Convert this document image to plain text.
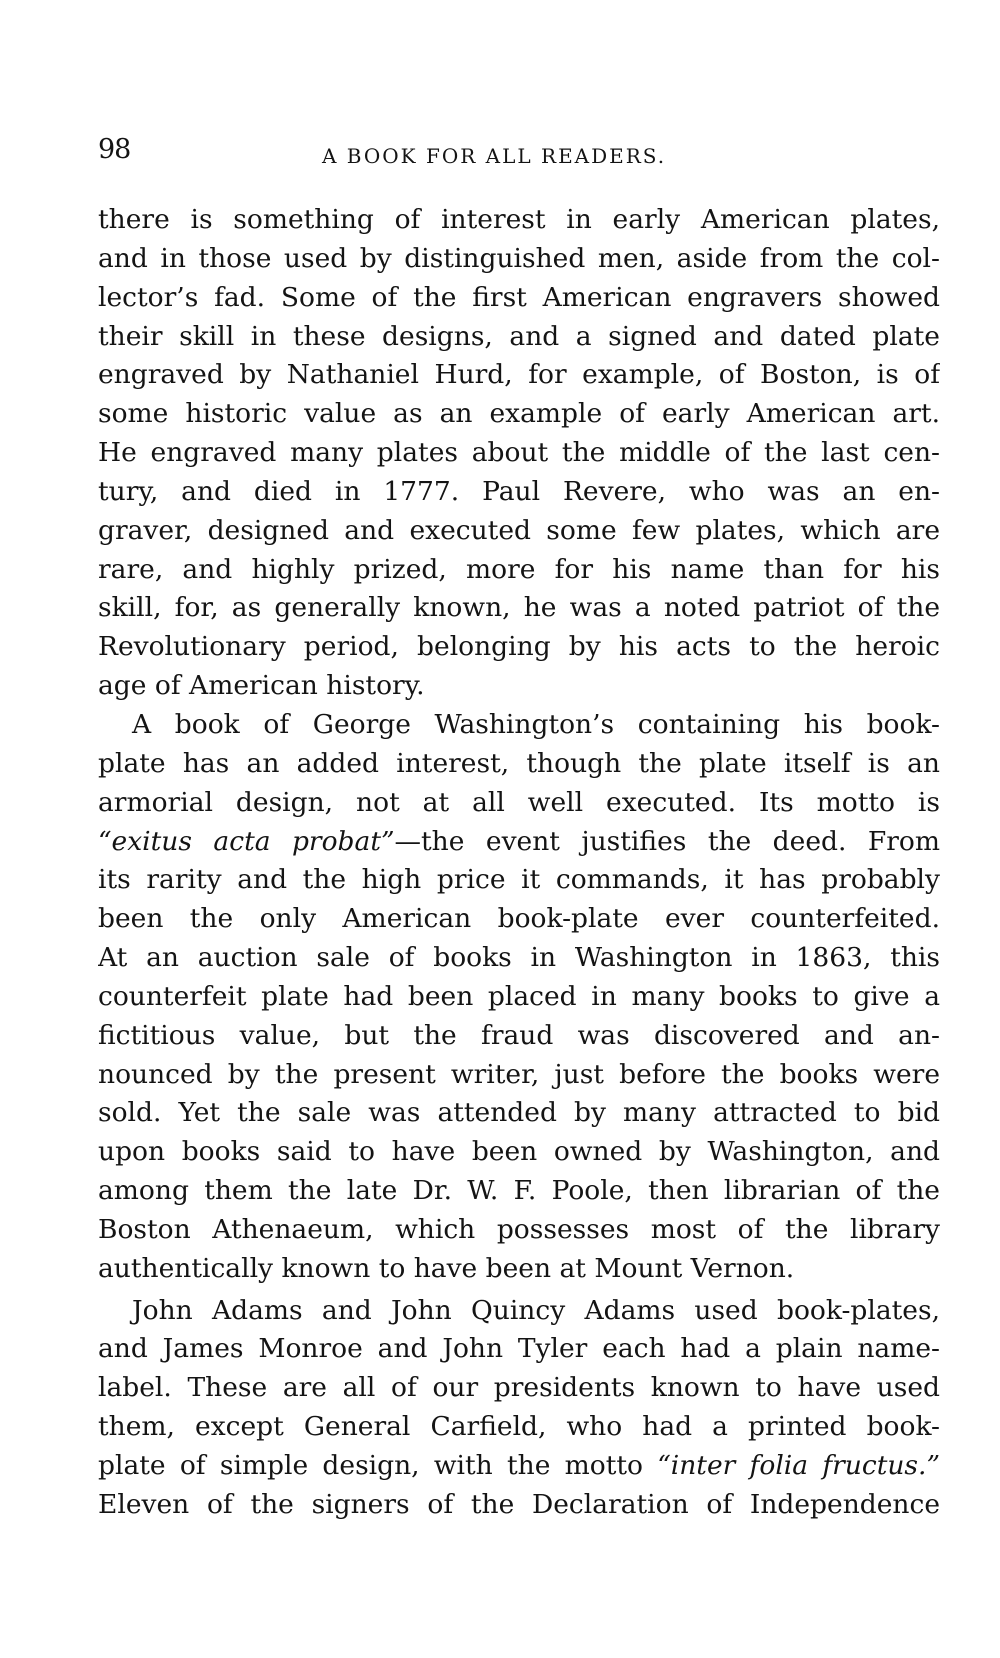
98	A BOOK FOR ALL READERS.
there is something of interest in early American plates,
and in those used by distinguished men, aside from the col-
lector’s fad. Some of the first American engravers showed
their skill in these designs, and a signed and dated plate
engraved by Nathaniel Hurd, for example, of Boston, is of
some historic value as an example of early American art.
He engraved many plates about the middle of the last cen-
tury, and died in 1777. Paul Revere, who was an en-
graver, designed and executed some few plates, which are
rare, and highly prized, more for his name than for his
skill, for, as generally known, he was a noted patriot of the
Revolutionary period, belonging by his acts to the heroic
age of American history.
A book of George Washington’s containing his book-
plate has an added interest, though the plate itself is an
armorial design, not at all well executed. Its motto is
“exitus acta probat”—the event justifies the deed. From
its rarity and the high price it commands, it has probably
been the only American book-plate ever counterfeited.
At an auction sale of books in Washington in 1863, this
counterfeit plate had been placed in many books to give a
fictitious value, but the fraud was discovered and an-
nounced by the present writer, just before the books were
sold. Yet the sale was attended by many attracted to bid
upon books said to have been owned by Washington, and
among them the late Dr. W. F. Poole, then librarian of the
Boston Athenaeum, which possesses most of the library
authentically known to have been at Mount Vernon.
John Adams and John Quincy Adams used book-plates,
and James Monroe and John Tyler each had a plain name-
label. These are all of our presidents known to have used
them, except General Carfield, who had a printed book-
plate of simple design, with the motto “inter folia fructus.”
Eleven of the signers of the Declaration of Independence
